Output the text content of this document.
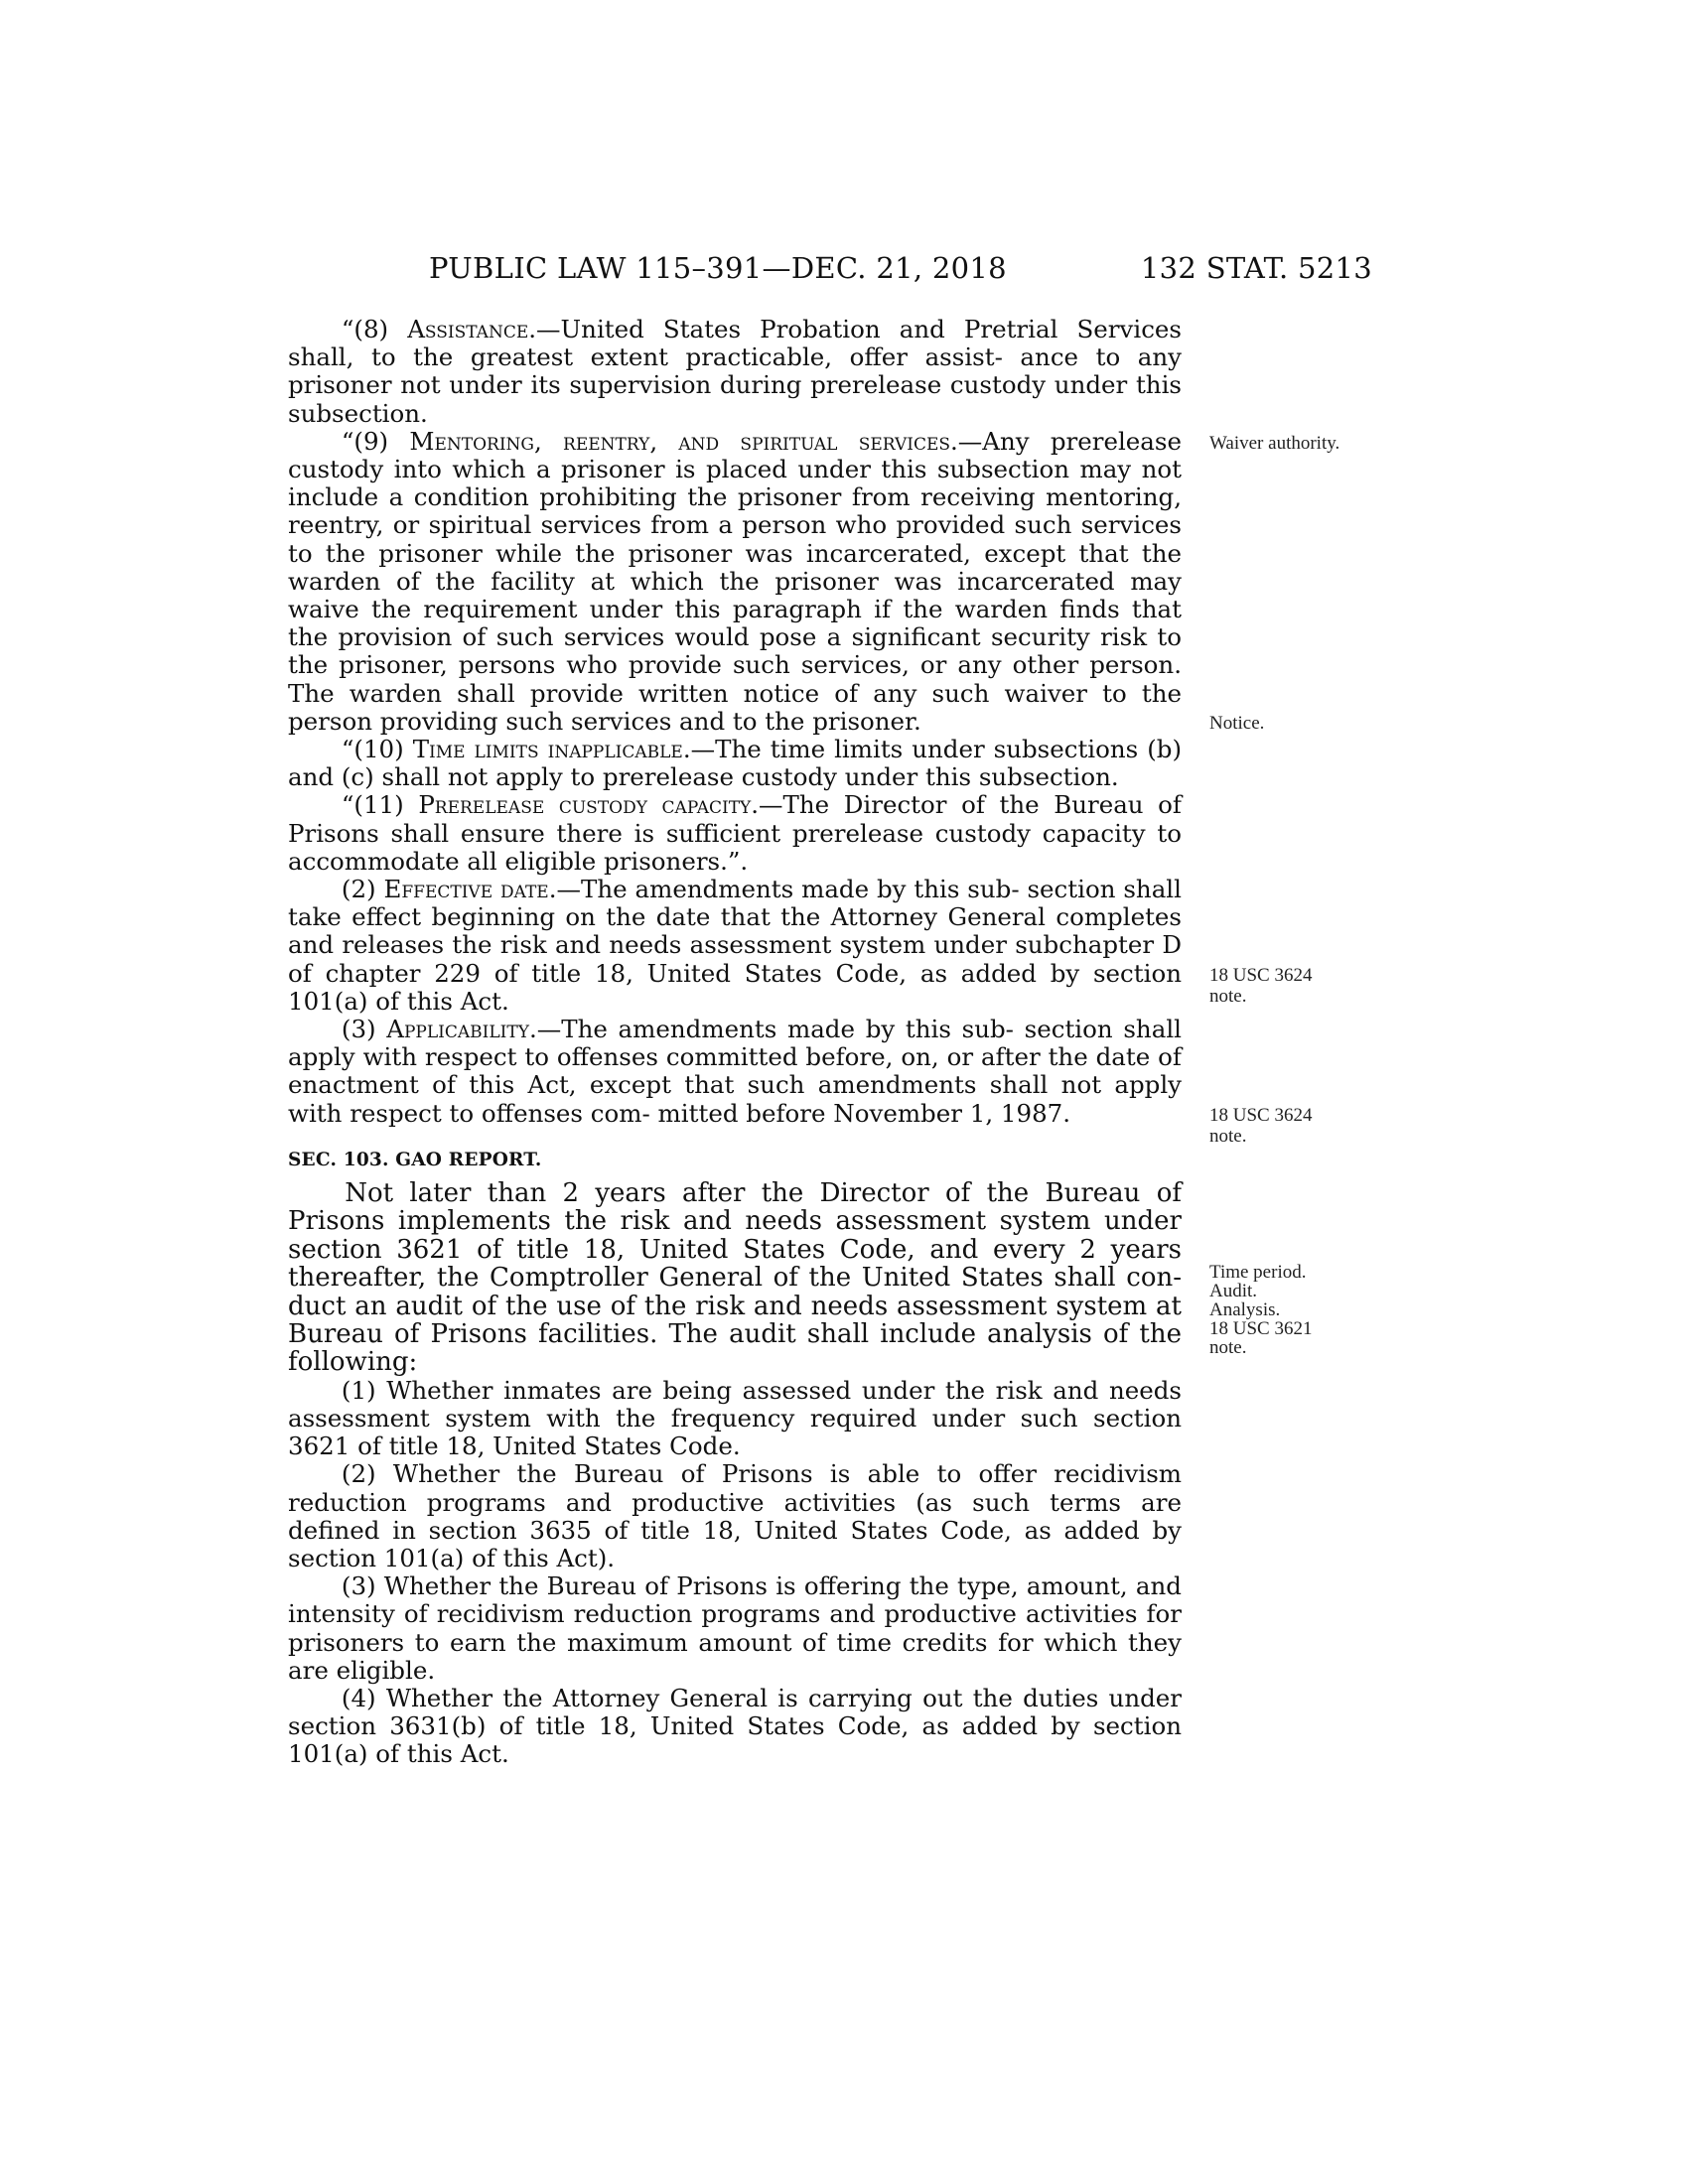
PUBLIC LAW 115–391—DEC. 21, 2018	132 STAT. 5213

“(8) Assistance.—United States Probation and Pretrial Services shall, to the greatest extent practicable, offer assist- ance to any prisoner not under its supervision during prerelease custody under this subsection.

“(9) Mentoring, reentry, and spiritual services.—Any prerelease custody into which a prisoner is placed under this subsection may not include a condition prohibiting the prisoner from receiving mentoring, reentry, or spiritual services from a person who provided such services to the prisoner while the prisoner was incarcerated, except that the warden of the facility at which the prisoner was incarcerated may waive the requirement under this paragraph if the warden finds that the provision of such services would pose a significant security risk to the prisoner, persons who provide such services, or any other person. The warden shall provide written notice of any such waiver to the person providing such services and to the prisoner.

“(10) Time limits inapplicable.—The time limits under subsections (b) and (c) shall not apply to prerelease custody under this subsection.

“(11) Prerelease custody capacity.—The Director of the Bureau of Prisons shall ensure there is sufficient prerelease custody capacity to accommodate all eligible prisoners.”.

(2) Effective date.—The amendments made by this sub- section shall take effect beginning on the date that the Attorney General completes and releases the risk and needs assessment system under subchapter D of chapter 229 of title 18, United States Code, as added by section 101(a) of this Act.

(3) Applicability.—The amendments made by this sub- section shall apply with respect to offenses committed before, on, or after the date of enactment of this Act, except that such amendments shall not apply with respect to offenses com- mitted before November 1, 1987.

SEC. 103. GAO REPORT.

Not later than 2 years after the Director of the Bureau of Prisons implements the risk and needs assessment system under section 3621 of title 18, United States Code, and every 2 years thereafter, the Comptroller General of the United States shall con- duct an audit of the use of the risk and needs assessment system at Bureau of Prisons facilities. The audit shall include analysis of the following:

(1) Whether inmates are being assessed under the risk and needs assessment system with the frequency required under such section 3621 of title 18, United States Code.

(2) Whether the Bureau of Prisons is able to offer recidivism reduction programs and productive activities (as such terms are defined in section 3635 of title 18, United States Code, as added by section 101(a) of this Act).

(3) Whether the Bureau of Prisons is offering the type, amount, and intensity of recidivism reduction programs and productive activities for prisoners to earn the maximum amount of time credits for which they are eligible.

(4) Whether the Attorney General is carrying out the duties under section 3631(b) of title 18, United States Code, as added by section 101(a) of this Act.

Waiver authority.
Notice.
18 USC 3624
note.
18 USC 3624
note.
Time period.
Audit.
Analysis.
18 USC 3621
note.
